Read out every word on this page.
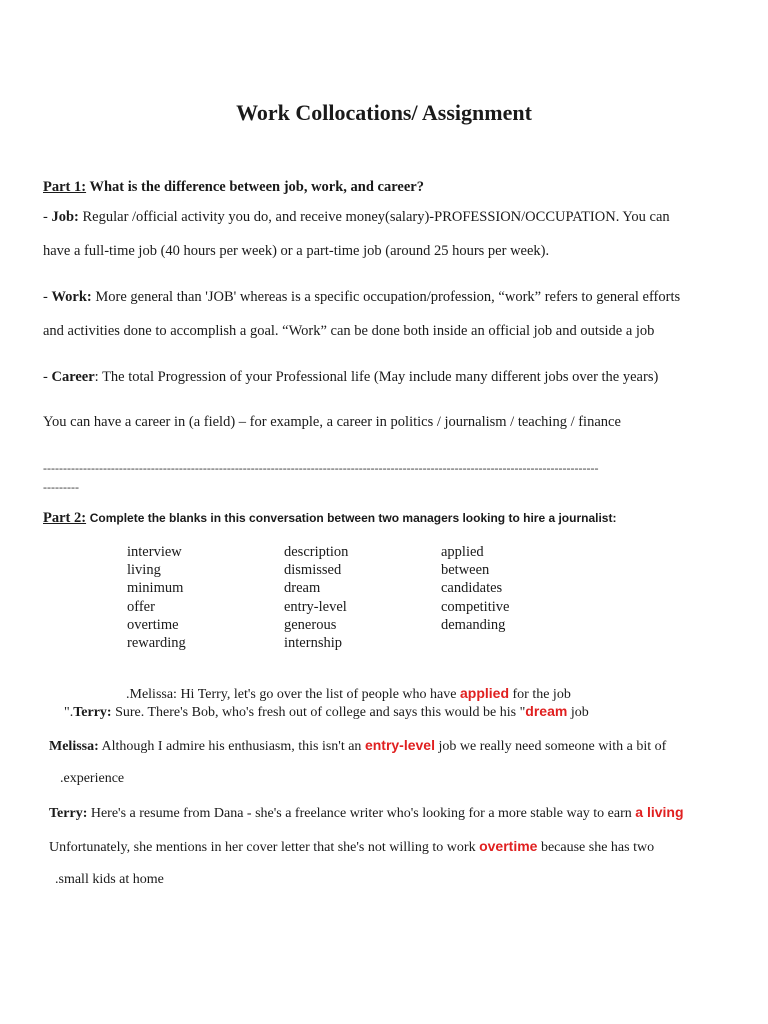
Work Collocations/ Assignment
Part 1: What is the difference between job, work, and career?
- Job: Regular /official activity you do, and receive money(salary)-PROFESSION/OCCUPATION. You can
have a full-time job (40 hours per week) or a part-time job (around 25 hours per week).
- Work: More general than 'JOB' whereas is a specific occupation/profession, “work” refers to general efforts
and activities done to accomplish a goal. “Work” can be done both inside an official job and outside a job
- Career: The total Progression of your Professional life (May include many different jobs over the years)
You can have a career in (a field) – for example, a career in politics / journalism / teaching / finance
-------------------------------------------------------------------------------------------------------------------------------------------
---------
Part 2: Complete the blanks in this conversation between two managers looking to hire a journalist:
interview
living
minimum
offer
overtime
rewarding
description
dismissed
dream
entry-level
generous
internship
applied
between
candidates
competitive
demanding
.Melissa: Hi Terry, let's go over the list of people who have applied for the job
".Terry: Sure. There's Bob, who's fresh out of college and says this would be his "dream job
Melissa: Although I admire his enthusiasm, this isn't an entry-level job we really need someone with a bit of
.experience
Terry: Here's a resume from Dana - she's a freelance writer who's looking for a more stable way to earn a living
Unfortunately, she mentions in her cover letter that she's not willing to work overtime because she has two
.small kids at home
